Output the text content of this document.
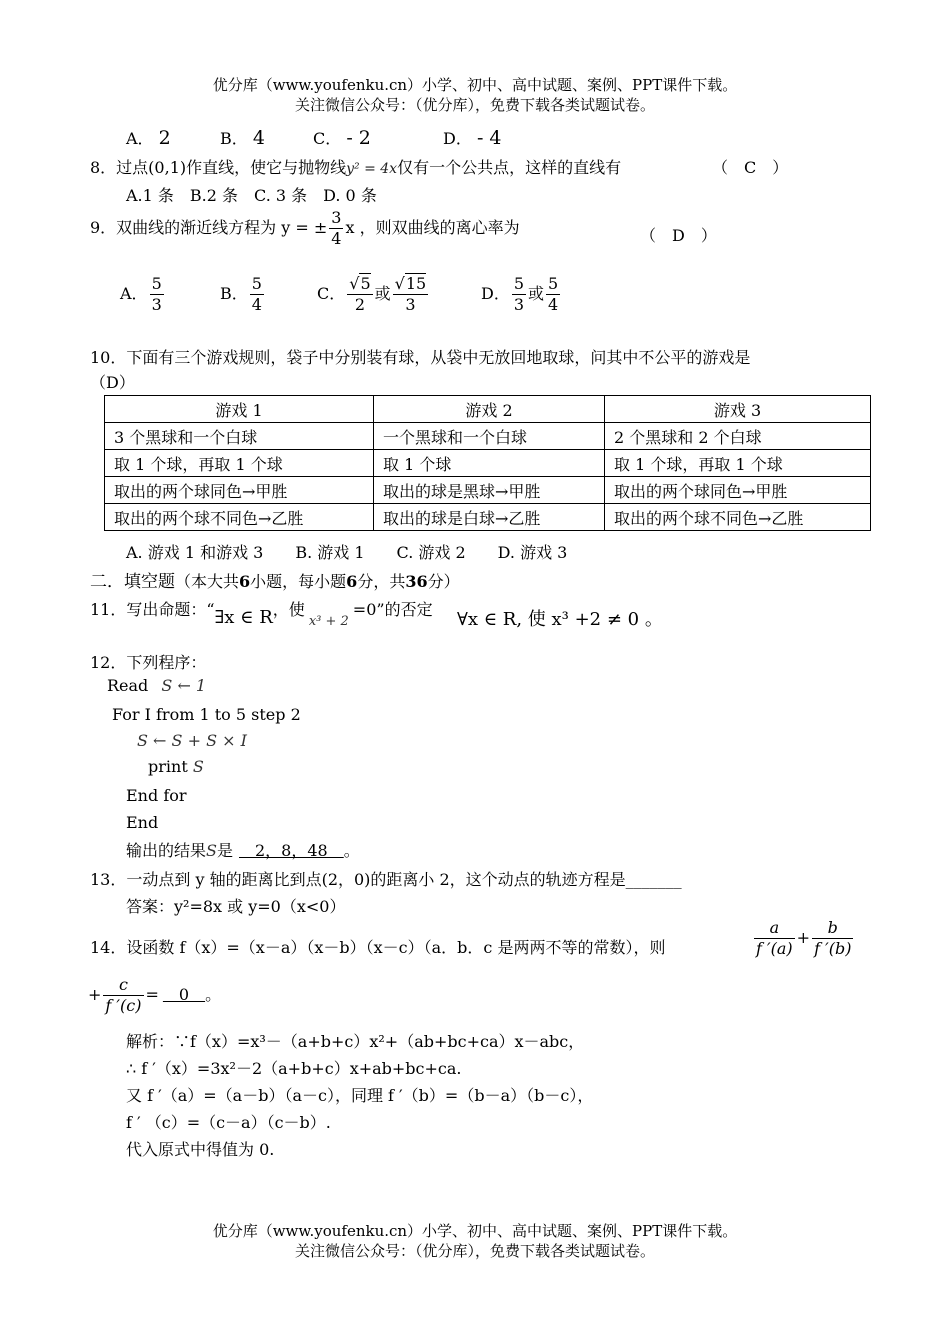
优分库（www.youfenku.cn）小学、初中、高中试题、案例、PPT课件下载。
关注微信公众号：（优分库），免费下载各类试题试卷。
A． 2	B． 4	C． - 2	D． - 4
8．过点(0,1)作直线，使它与抛物线y² = 4x仅有一个公共点，这样的直线有	（　C　）
A.1 条　B.2 条　C. 3 条　D. 0 条
9．双曲线的渐近线方程为 y = ± $\frac{3}{4}$ x ，则双曲线的离心率为	（　D　）
A． $\frac{5}{3}$	B． $\frac{5}{4}$	C． $\frac{√5}{2}$ 或 $\frac{√15}{3}$	D． $\frac{5}{3}$ 或 $\frac{5}{4}$
10．下面有三个游戏规则，袋子中分别装有球，从袋中无放回地取球，问其中不公平的游戏是
（D）
游戏 1	游戏 2	游戏 3
3 个黑球和一个白球	一个黑球和一个白球	2 个黑球和 2 个白球
取 1 个球，再取 1 个球	取 1 个球	取 1 个球，再取 1 个球
取出的两个球同色→甲胜	取出的球是黑球→甲胜	取出的两个球同色→甲胜
取出的两个球不同色→乙胜	取出的球是白球→乙胜	取出的两个球不同色→乙胜
A. 游戏 1 和游戏 3　　B. 游戏 1　　C. 游戏 2　　D. 游戏 3
二．填空题（本大共6小题，每小题6分，共36分）
11．写出命题：“∃x ∈ R，使$_{x^3 + 2}$=0”的否定 ∀x ∈ R, 使 x³ +2 ≠ 0 。
12．下列程序：
Read S ← 1
For I from 1 to 5 step 2
S ← S + S × I
print S
End for
End
输出的结果S是　2，8，48　。
13．一动点到 y 轴的距离比到点(2，0)的距离小 2，这个动点的轨迹方程是_______
答案：y²=8x 或 y=0（x<0）
14．设函数 f（x）=（x－a）（x－b）（x－c）（a．b．c 是两两不等的常数），则	$\frac{a}{f '(a)} + \frac{b}{f '(b)}$
+ $\frac{c}{f '(c)}$ =　0　。
解析：∵f（x）=x³－（a+b+c）x²+（ab+bc+ca）x－abc，
∴ f ′（x）=3x²－2（a+b+c）x+ab+bc+ca.
又 f ′（a）=（a－b）（a－c），同理 f ′（b）=（b－a）（b－c），
f ′ （c）=（c－a）（c－b）.
代入原式中得值为 0.
优分库（www.youfenku.cn）小学、初中、高中试题、案例、PPT课件下载。
关注微信公众号：（优分库），免费下载各类试题试卷。
